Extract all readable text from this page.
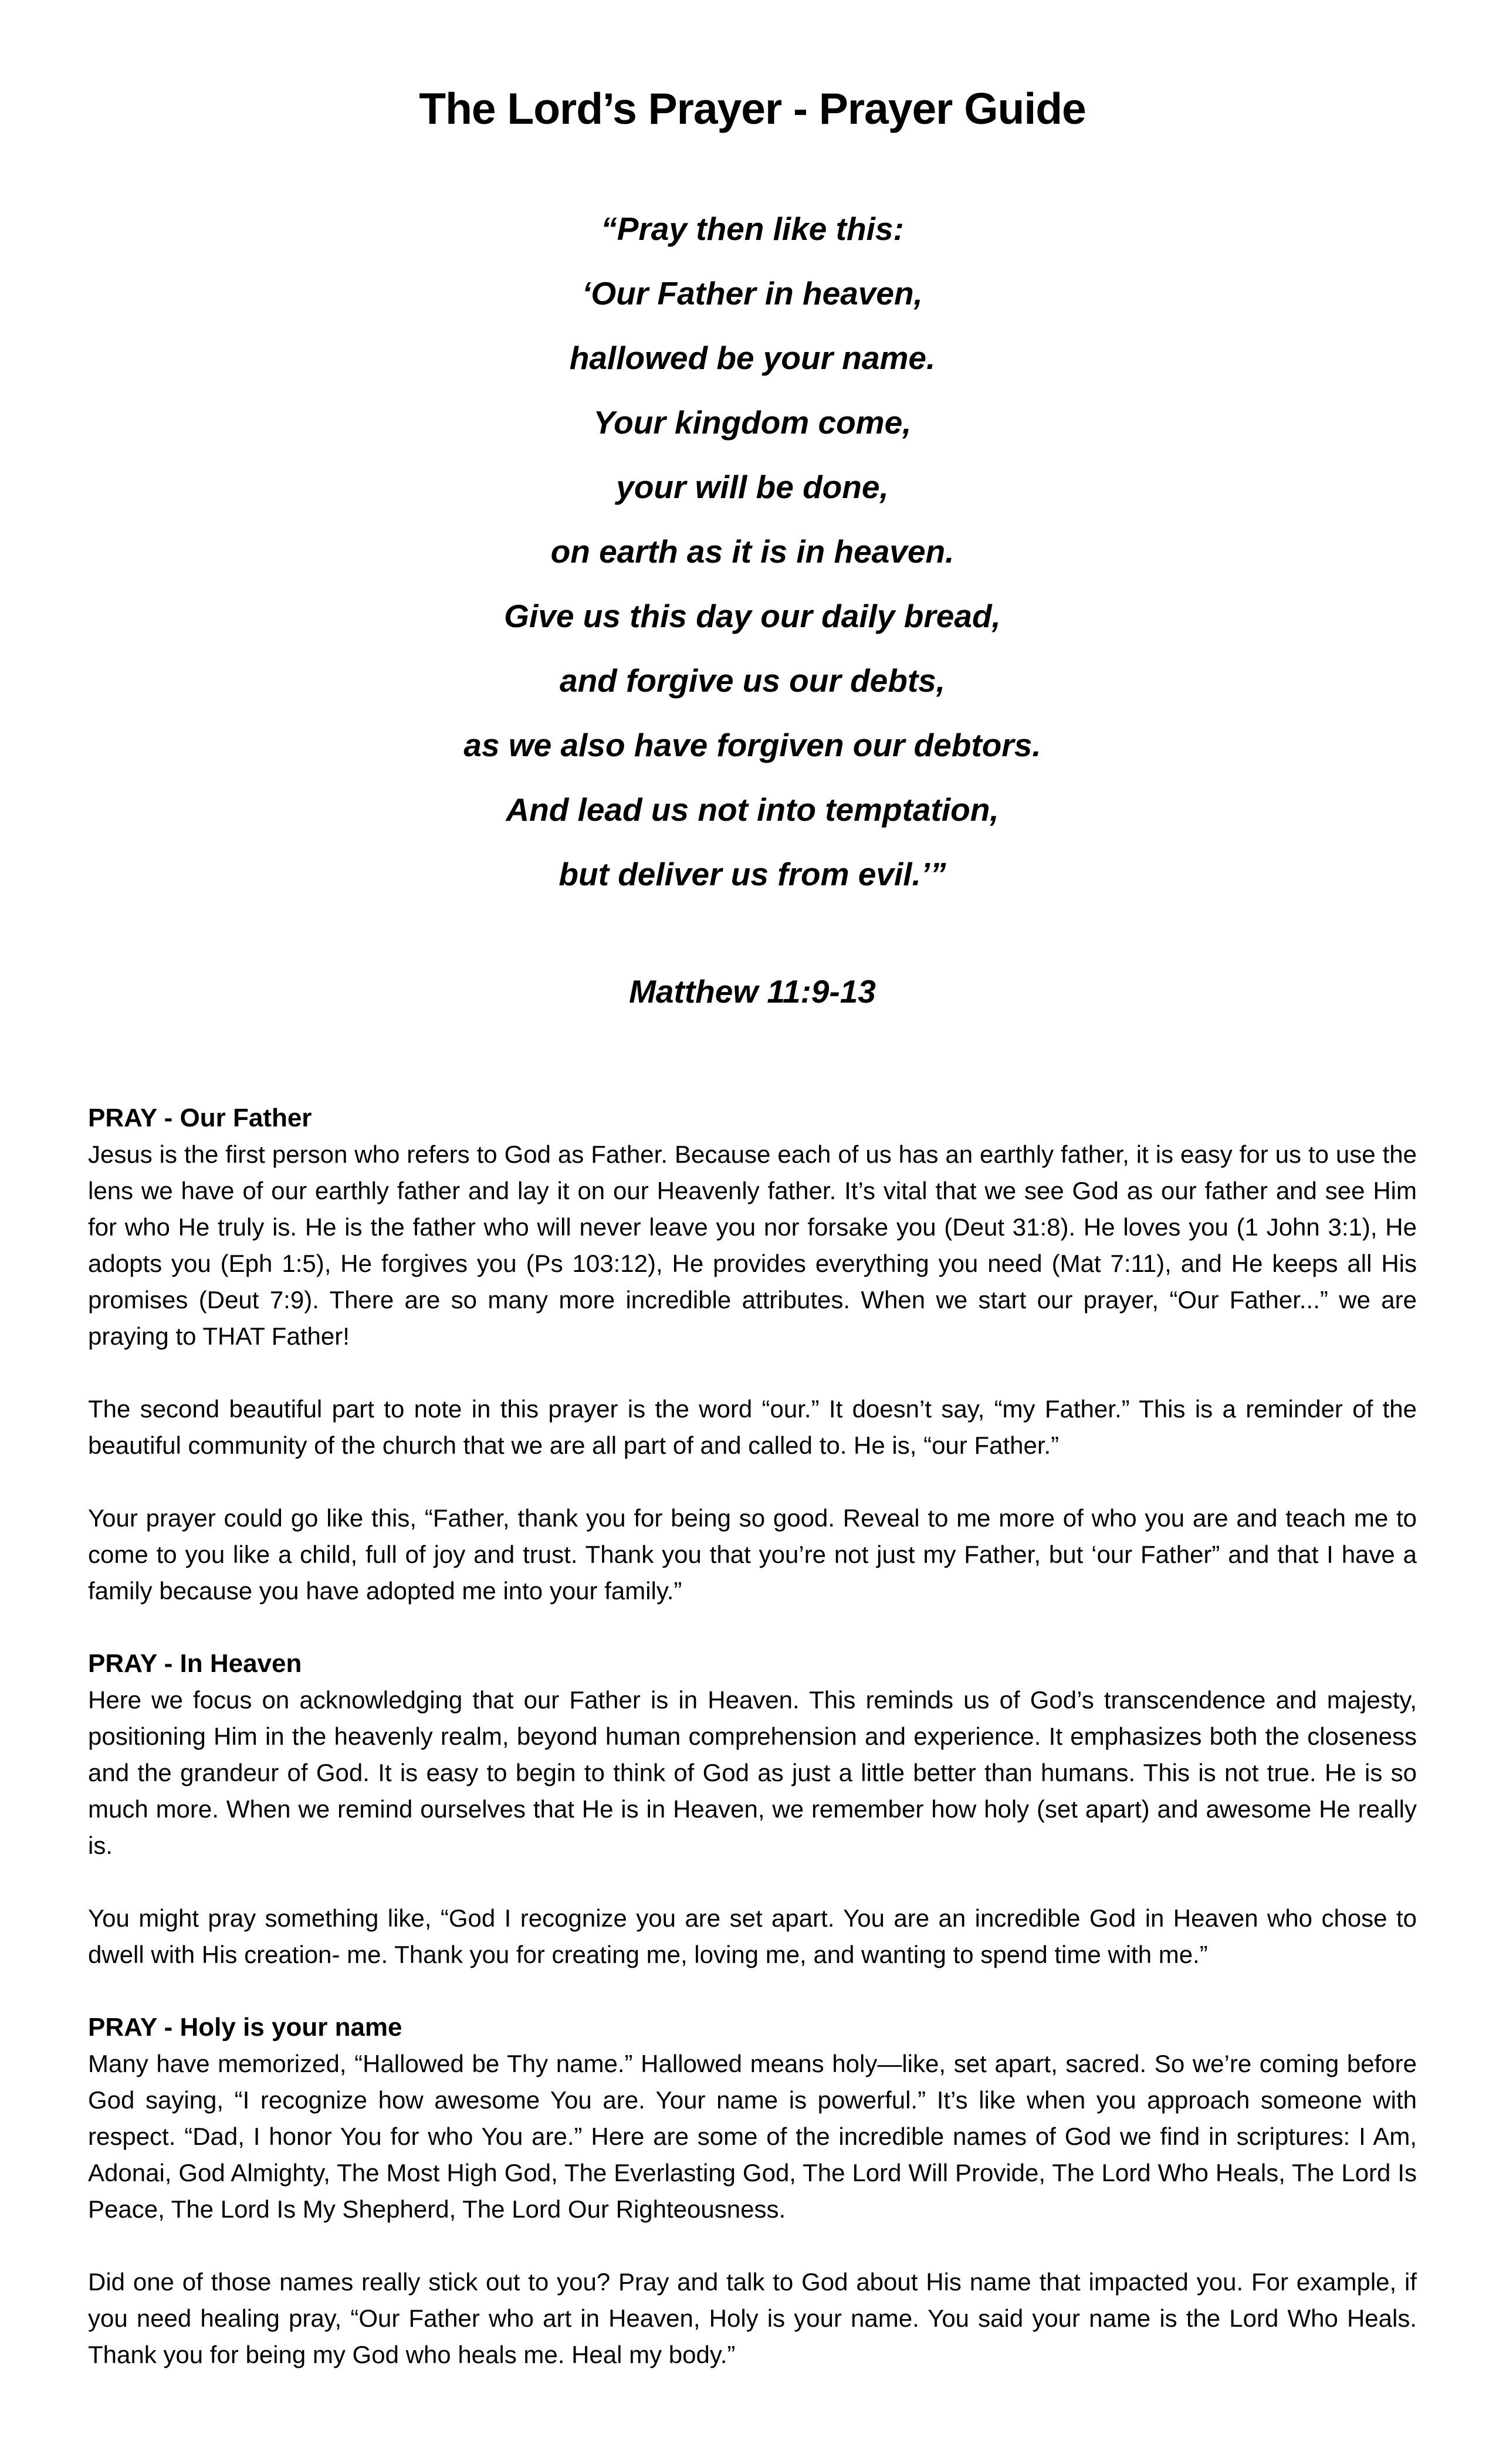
The Lord’s Prayer - Prayer Guide
“Pray then like this:
‘Our Father in heaven,
hallowed be your name.
Your kingdom come,
your will be done,
on earth as it is in heaven.
Give us this day our daily bread,
and forgive us our debts,
as we also have forgiven our debtors.
And lead us not into temptation,
but deliver us from evil.’”
Matthew 11:9-13
PRAY - Our Father

Jesus is the first person who refers to God as Father. Because each of us has an earthly father, it is easy for us to use the lens we have of our earthly father and lay it on our Heavenly father. It’s vital that we see God as our father and see Him for who He truly is. He is the father who will never leave you nor forsake you (Deut 31:8). He loves you (1 John 3:1), He adopts you (Eph 1:5), He forgives you (Ps 103:12), He provides everything you need (Mat 7:11), and He keeps all His promises (Deut 7:9). There are so many more incredible attributes. When we start our prayer, “Our Father...” we are praying to THAT Father!

The second beautiful part to note in this prayer is the word “our.” It doesn’t say, “my Father.” This is a reminder of the beautiful community of the church that we are all part of and called to. He is, “our Father.”

Your prayer could go like this, “Father, thank you for being so good. Reveal to me more of who you are and teach me to come to you like a child, full of joy and trust. Thank you that you’re not just my Father, but ‘our Father” and that I have a family because you have adopted me into your family.”

PRAY - In Heaven

Here we focus on acknowledging that our Father is in Heaven. This reminds us of God’s transcendence and majesty, positioning Him in the heavenly realm, beyond human comprehension and experience. It emphasizes both the closeness and the grandeur of God. It is easy to begin to think of God as just a little better than humans. This is not true. He is so much more. When we remind ourselves that He is in Heaven, we remember how holy (set apart) and awesome He really is.

You might pray something like, “God I recognize you are set apart. You are an incredible God in Heaven who chose to dwell with His creation- me. Thank you for creating me, loving me, and wanting to spend time with me.”

PRAY - Holy is your name

Many have memorized, “Hallowed be Thy name.” Hallowed means holy—like, set apart, sacred. So we’re coming before God saying, “I recognize how awesome You are. Your name is powerful.” It’s like when you approach someone with respect. “Dad, I honor You for who You are.” Here are some of the incredible names of God we find in scriptures: I Am, Adonai, God Almighty, The Most High God, The Everlasting God, The Lord Will Provide, The Lord Who Heals, The Lord Is Peace, The Lord Is My Shepherd, The Lord Our Righteousness.

Did one of those names really stick out to you? Pray and talk to God about His name that impacted you. For example, if you need healing pray, “Our Father who art in Heaven, Holy is your name. You said your name is the Lord Who Heals. Thank you for being my God who heals me. Heal my body.”
